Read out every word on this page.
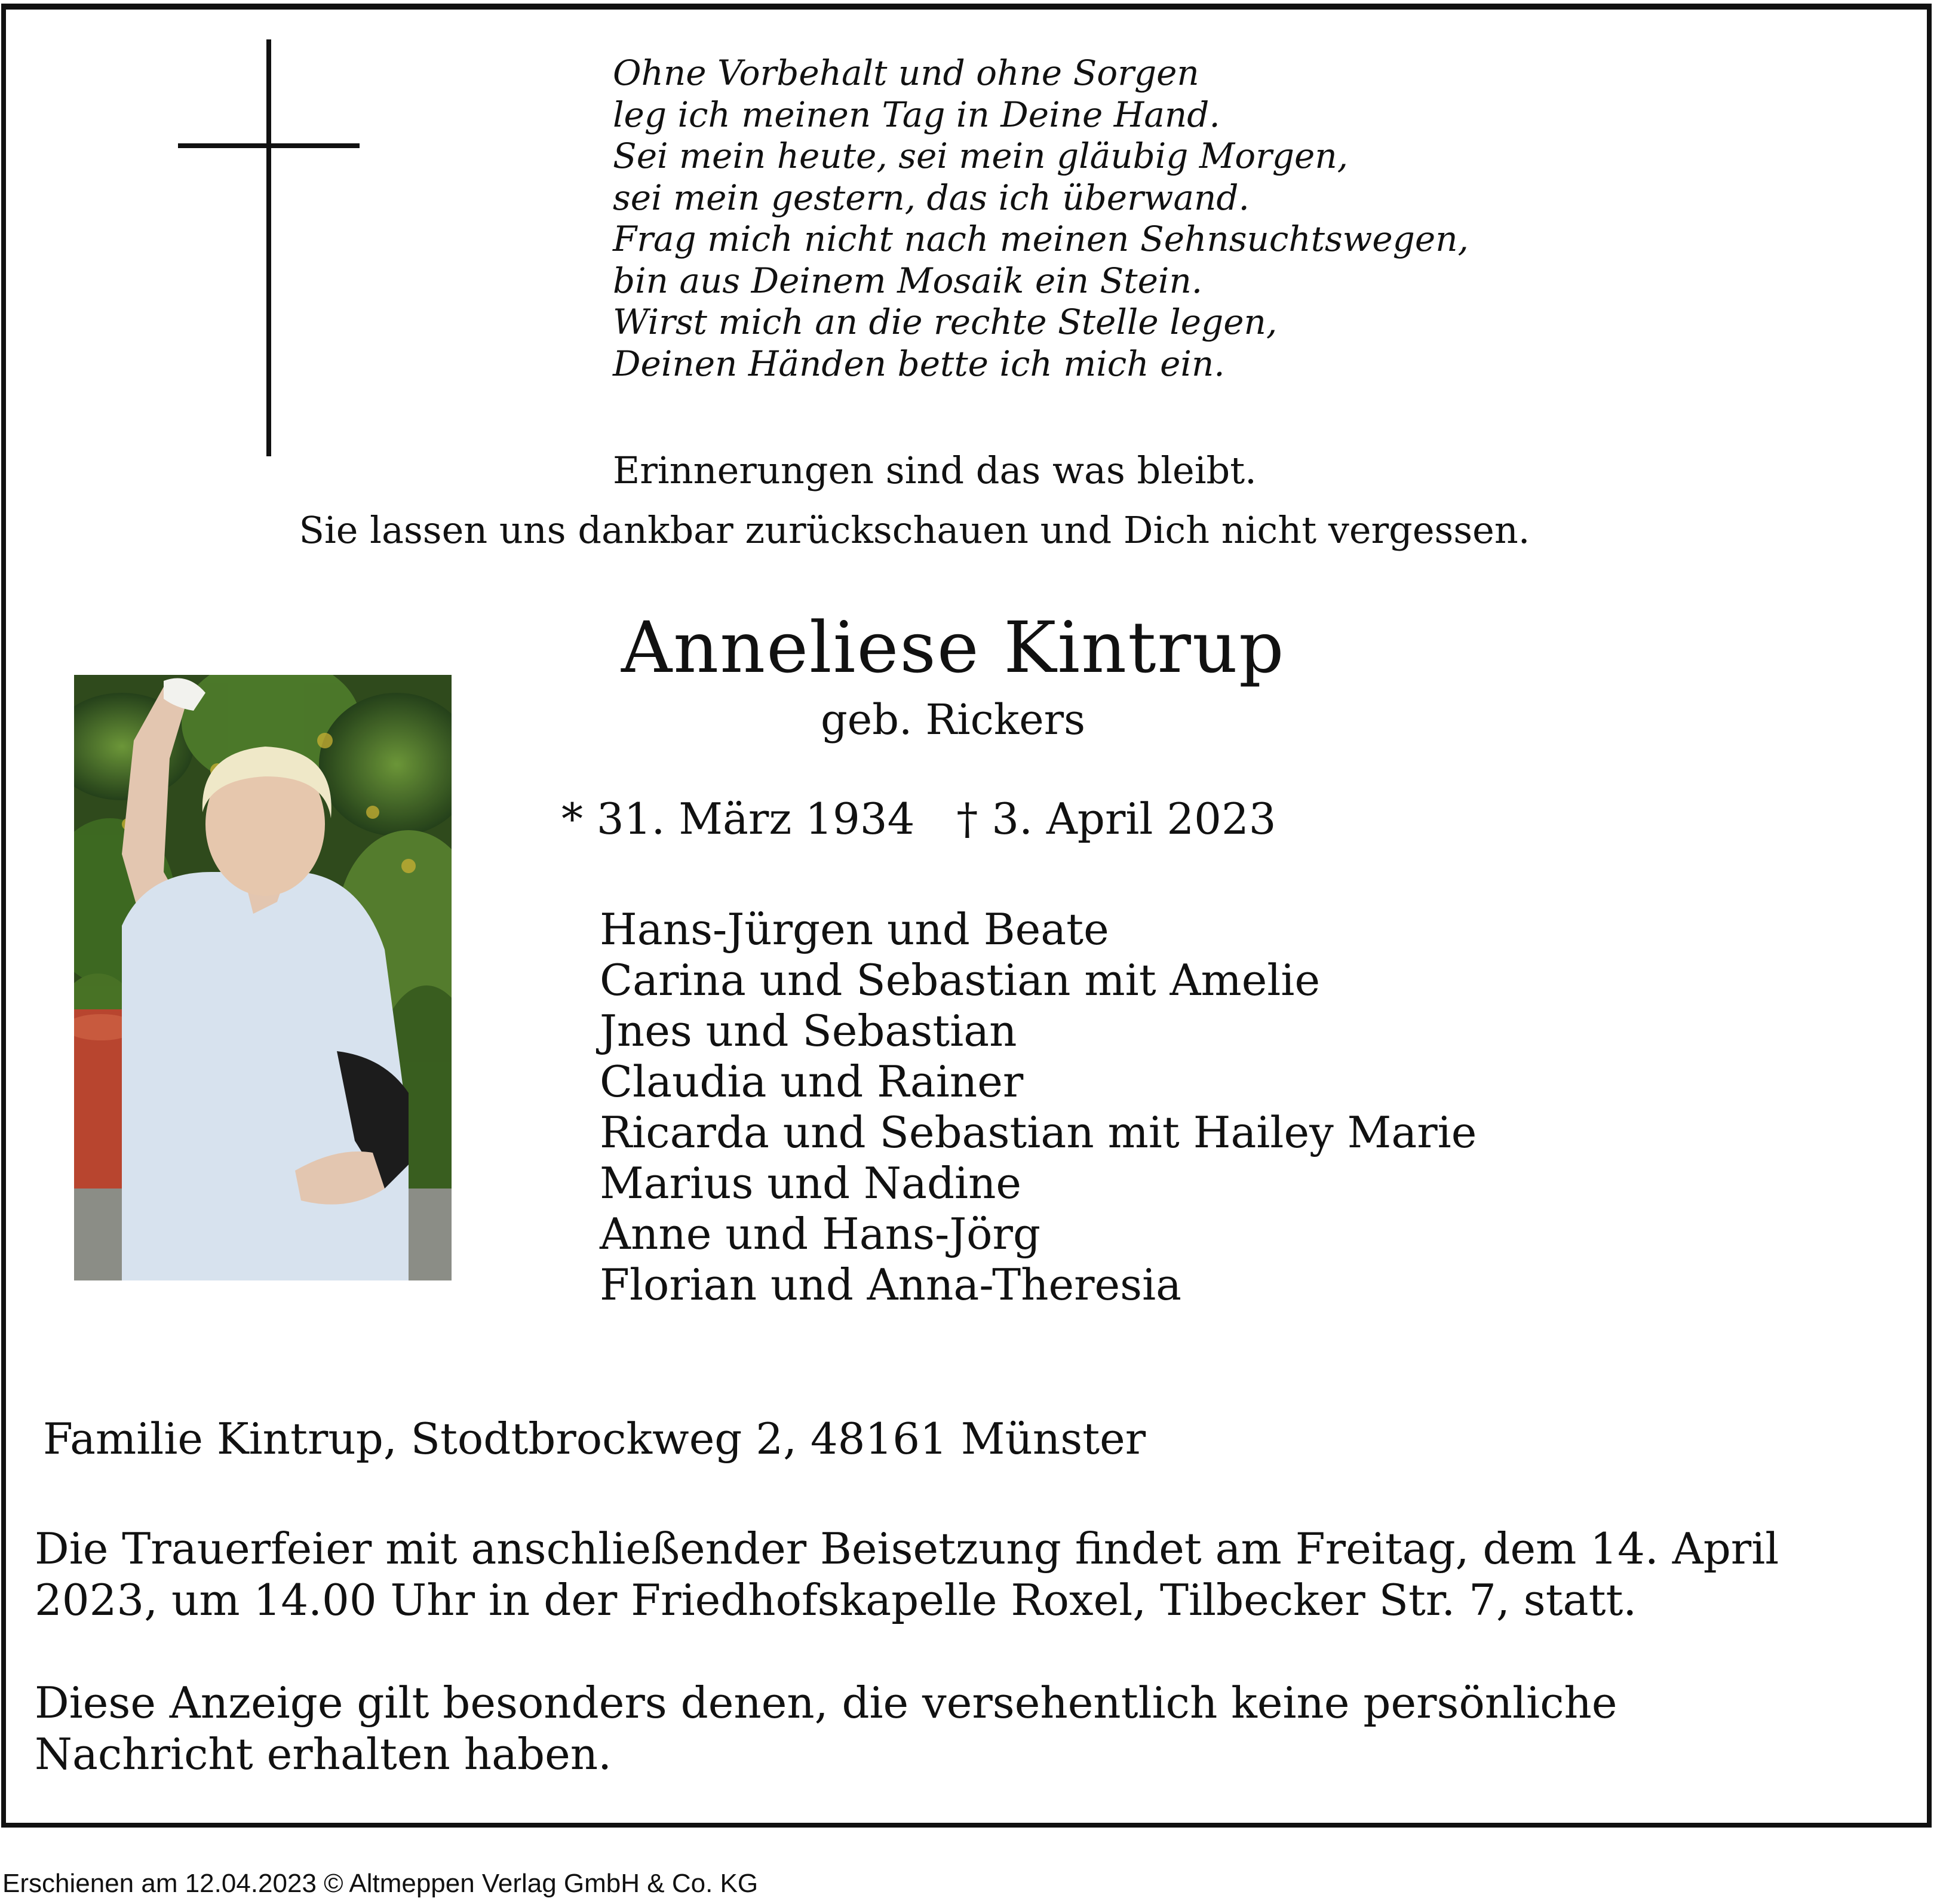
Ohne Vorbehalt und ohne Sorgen
leg ich meinen Tag in Deine Hand.
Sei mein heute, sei mein gläubig Morgen,
sei mein gestern, das ich überwand.
Frag mich nicht nach meinen Sehnsuchtswegen,
bin aus Deinem Mosaik ein Stein.
Wirst mich an die rechte Stelle legen,
Deinen Händen bette ich mich ein.
Erinnerungen sind das was bleibt.
Sie lassen uns dankbar zurückschauen und Dich nicht vergessen.
Anneliese Kintrup
geb. Rickers
* 31. März 1934 † 3. April 2023
Hans-Jürgen und Beate
Carina und Sebastian mit Amelie
Jnes und Sebastian
Claudia und Rainer
Ricarda und Sebastian mit Hailey Marie
Marius und Nadine
Anne und Hans-Jörg
Florian und Anna-Theresia
Familie Kintrup, Stodtbrockweg 2, 48161 Münster
Die Trauerfeier mit anschließender Beisetzung findet am Freitag, dem 14. April
2023, um 14.00 Uhr in der Friedhofskapelle Roxel, Tilbecker Str. 7, statt.
Diese Anzeige gilt besonders denen, die versehentlich keine persönliche
Nachricht erhalten haben.
Erschienen am 12.04.2023 © Altmeppen Verlag GmbH & Co. KG
